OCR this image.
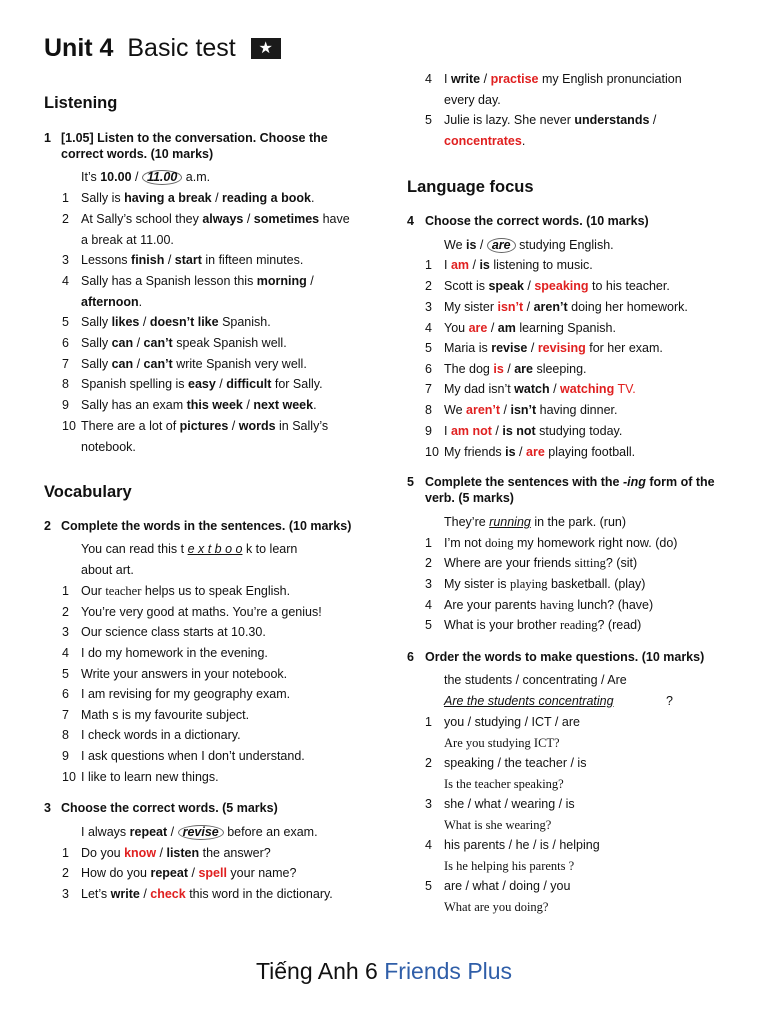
Unit 4 Basic test ★
Listening
1 [1.05] Listen to the conversation. Choose the correct words. (10 marks)
It’s 10.00 / 11.00 a.m.
1 Sally is having a break / reading a book.
2 At Sally’s school they always / sometimes have
a break at 11.00.
3 Lessons finish / start in fifteen minutes.
4 Sally has a Spanish lesson this morning /
afternoon.
5 Sally likes / doesn’t like Spanish.
6 Sally can / can’t speak Spanish well.
7 Sally can / can’t write Spanish very well.
8 Spanish spelling is easy / difficult for Sally.
9 Sally has an exam this week / next week.
10 There are a lot of pictures / words in Sally’s
notebook.
Vocabulary
2 Complete the words in the sentences. (10 marks)
You can read this t e x t b o o k to learn
about art.
1 Our teacher helps us to speak English.
2 You’re very good at maths. You’re a genius!
3 Our science class starts at 10.30.
4 I do my homework in the evening.
5 Write your answers in your notebook.
6 I am revising for my geography exam.
7 Math s is my favourite subject.
8 I check words in a dictionary.
9 I ask questions when I don’t understand.
10 I like to learn new things.
3 Choose the correct words. (5 marks)
I always repeat / revise before an exam.
1 Do you know / listen the answer?
2 How do you repeat / spell your name?
3 Let’s write / check this word in the dictionary.
4 I write / practise my English pronunciation
every day.
5 Julie is lazy. She never understands /
concentrates.
Language focus
4 Choose the correct words. (10 marks)
We is / are studying English.
1 I am / is listening to music.
2 Scott is speak / speaking to his teacher.
3 My sister isn’t / aren’t doing her homework.
4 You are / am learning Spanish.
5 Maria is revise / revising for her exam.
6 The dog is / are sleeping.
7 My dad isn’t watch / watching TV.
8 We aren’t / isn’t having dinner.
9 I am not / is not studying today.
10 My friends is / are playing football.
5 Complete the sentences with the -ing form of the verb. (5 marks)
They’re running in the park. (run)
1 I’m not doing my homework right now. (do)
2 Where are your friends sitting? (sit)
3 My sister is playing basketball. (play)
4 Are your parents having lunch? (have)
5 What is your brother reading? (read)
6 Order the words to make questions. (10 marks)
the students / concentrating / Are
Are the students concentrating	?
1 you / studying / ICT / are
Are you studying ICT?
2 speaking / the teacher / is
Is the teacher speaking?
3 she / what / wearing / is
What is she wearing?
4 his parents / he / is / helping
Is he helping his parents ?
5 are / what / doing / you
What are you doing?
Tiếng Anh 6 Friends Plus
